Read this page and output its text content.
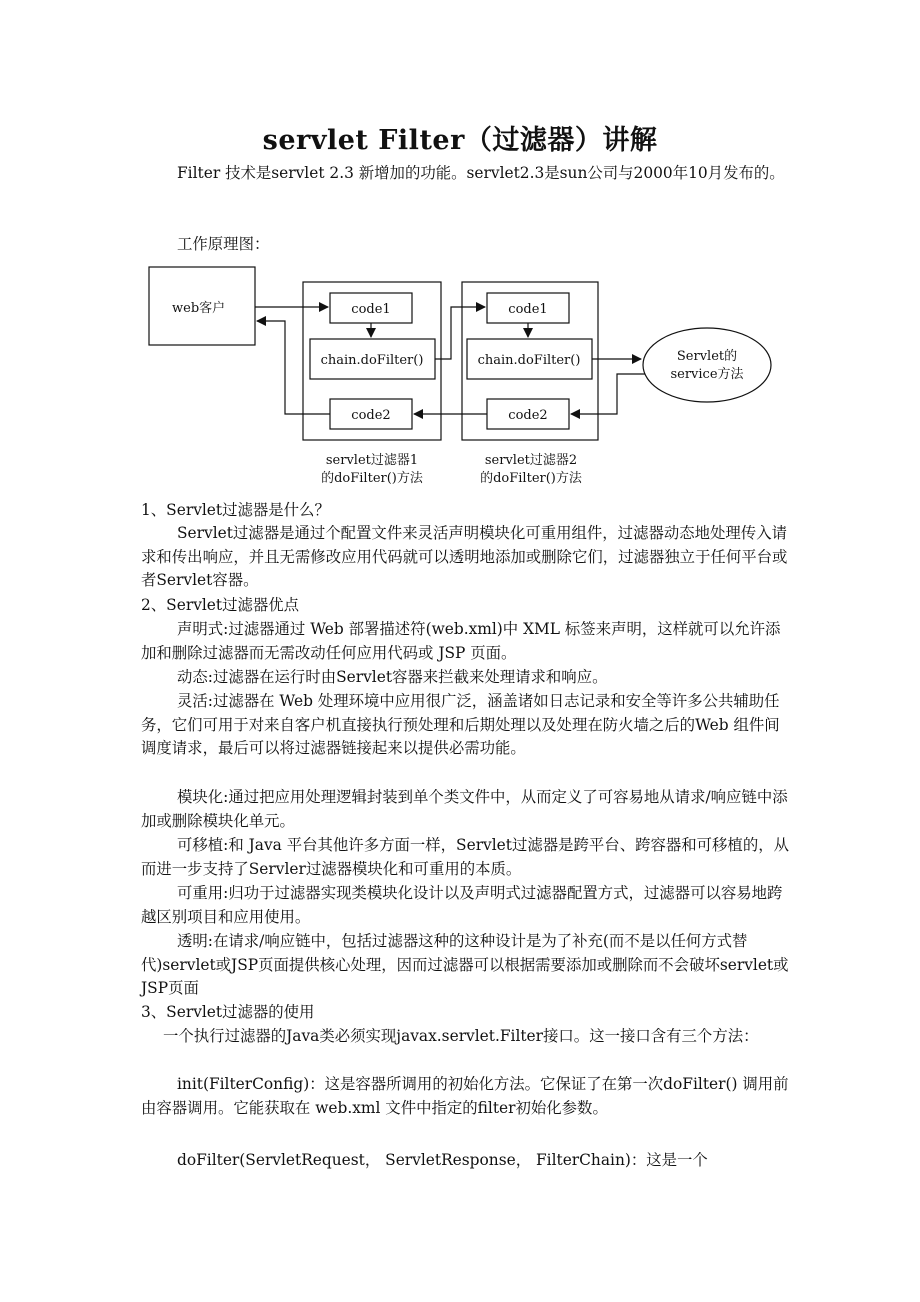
servlet Filter（过滤器）讲解

Filter 技术是servlet 2.3 新增加的功能。servlet2.3是sun公司与2000年10月发布的。

工作原理图：

web客户	code1
chain.doFilter()
code2
code1
chain.doFilter()
code2
Servlet的
service方法
servlet过滤器1
的doFilter()方法
servlet过滤器2
的doFilter()方法
1、Servlet过滤器是什么？

Servlet过滤器是通过个配置文件来灵活声明模块化可重用组件，过滤器动态地处理传入请求和传出响应，并且无需修改应用代码就可以透明地添加或删除它们，过滤器独立于任何平台或者Servlet容器。

2、Servlet过滤器优点

声明式:过滤器通过 Web 部署描述符(web.xml)中 XML 标签来声明，这样就可以允许添加和删除过滤器而无需改动任何应用代码或 JSP 页面。

动态:过滤器在运行时由Servlet容器来拦截来处理请求和响应。

灵活:过滤器在 Web 处理环境中应用很广泛，涵盖诸如日志记录和安全等许多公共辅助任务，它们可用于对来自客户机直接执行预处理和后期处理以及处理在防火墙之后的Web 组件间调度请求，最后可以将过滤器链接起来以提供必需功能。

模块化:通过把应用处理逻辑封装到单个类文件中，从而定义了可容易地从请求/响应链中添加或删除模块化单元。

可移植:和 Java 平台其他许多方面一样，Servlet过滤器是跨平台、跨容器和可移植的，从而进一步支持了Servler过滤器模块化和可重用的本质。

可重用:归功于过滤器实现类模块化设计以及声明式过滤器配置方式，过滤器可以容易地跨越区别项目和应用使用。

透明:在请求/响应链中，包括过滤器这种的这种设计是为了补充(而不是以任何方式替代)servlet或JSP页面提供核心处理，因而过滤器可以根据需要添加或删除而不会破坏servlet或JSP页面

3、Servlet过滤器的使用

一个执行过滤器的Java类必须实现javax.servlet.Filter接口。这一接口含有三个方法：

init(FilterConfig)：这是容器所调用的初始化方法。它保证了在第一次doFilter() 调用前由容器调用。它能获取在 web.xml 文件中指定的filter初始化参数。

doFilter(ServletRequest， ServletResponse， FilterChain)：这是一个
